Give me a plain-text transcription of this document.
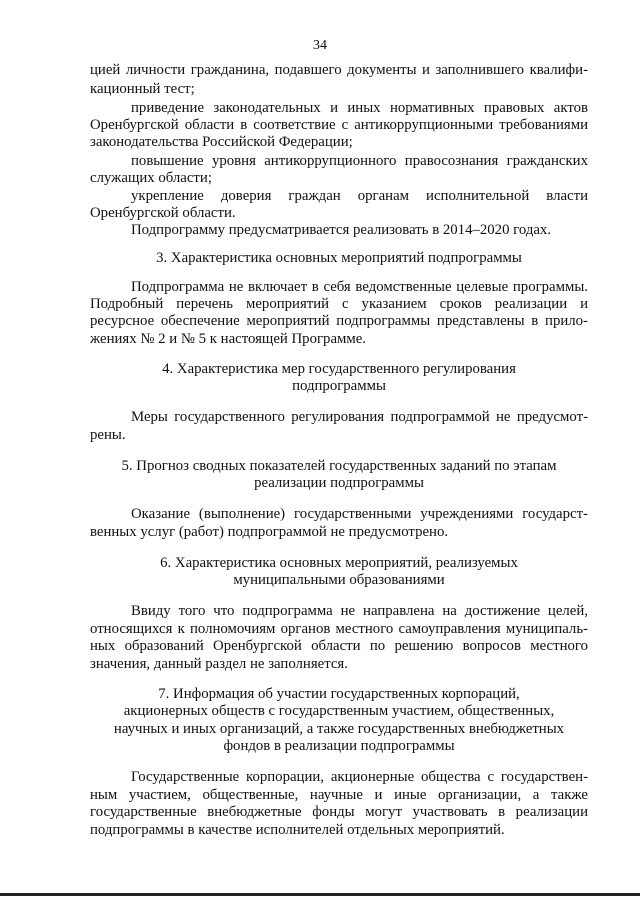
34
цией личности гражданина, подавшего документы и заполнившего квалифи-
кационный тест;
приведение законодательных и иных нормативных правовых актов
Оренбургской области в соответствие с антикоррупционными требованиями
законодательства Российской Федерации;
повышение уровня антикоррупционного правосознания гражданских
служащих области;
укрепление доверия граждан органам исполнительной власти
Оренбургской области.
Подпрограмму предусматривается реализовать в 2014–2020 годах.
3. Характеристика основных мероприятий подпрограммы
Подпрограмма не включает в себя ведомственные целевые программы.
Подробный перечень мероприятий с указанием сроков реализации и
ресурсное обеспечение мероприятий подпрограммы представлены в прило-
жениях № 2 и № 5 к настоящей Программе.
4. Характеристика мер государственного регулирования
подпрограммы
Меры государственного регулирования подпрограммой не предусмот-
рены.
5. Прогноз сводных показателей государственных заданий по этапам
реализации подпрограммы
Оказание (выполнение) государственными учреждениями государст-
венных услуг (работ) подпрограммой не предусмотрено.
6. Характеристика основных мероприятий, реализуемых
муниципальными образованиями
Ввиду того что подпрограмма не направлена на достижение целей,
относящихся к полномочиям органов местного самоуправления муниципаль-
ных образований Оренбургской области по решению вопросов местного
значения, данный раздел не заполняется.
7. Информация об участии государственных корпораций,
акционерных обществ с государственным участием, общественных,
научных и иных организаций, а также государственных внебюджетных
фондов в реализации подпрограммы
Государственные корпорации, акционерные общества с государствен-
ным участием, общественные, научные и иные организации, а также
государственные внебюджетные фонды могут участвовать в реализации
подпрограммы в качестве исполнителей отдельных мероприятий.
